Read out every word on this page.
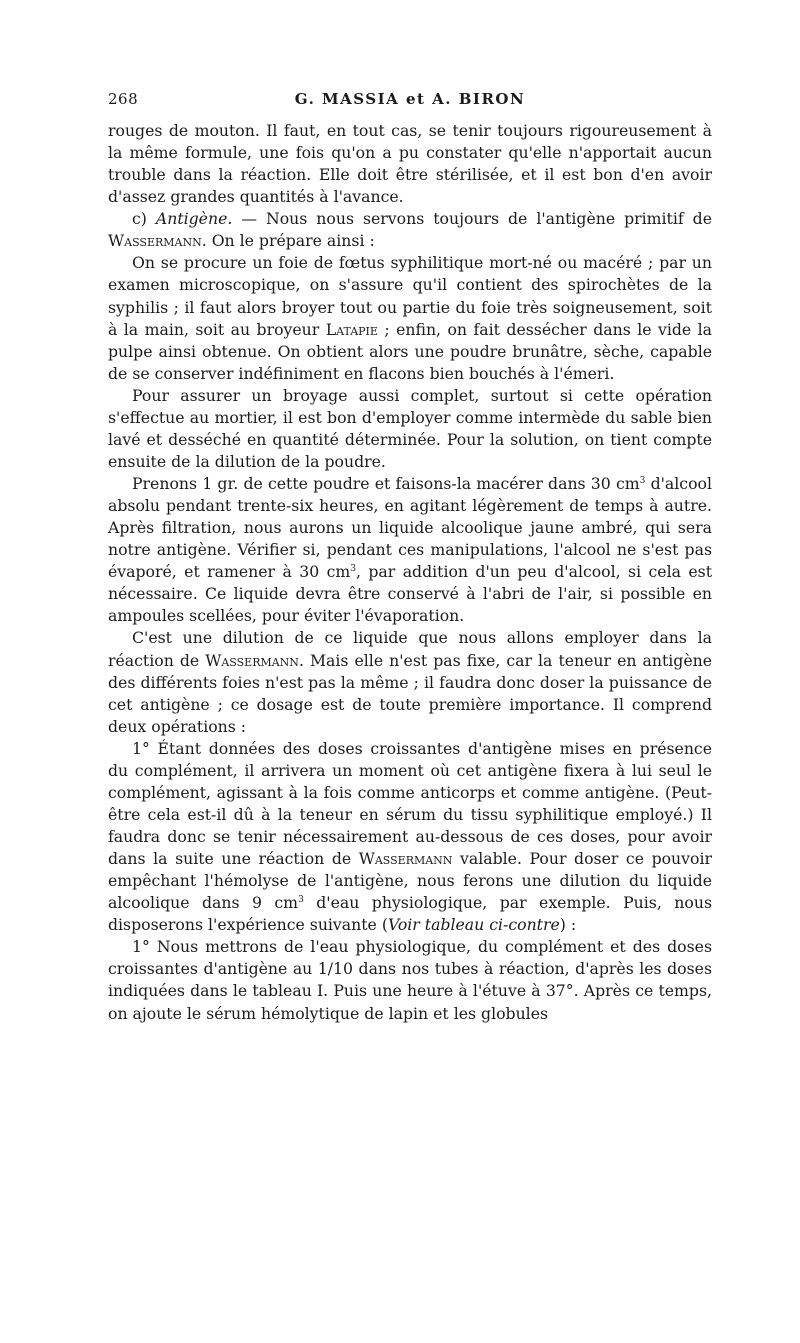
268	G. MASSIA et A. BIRON

rouges de mouton. Il faut, en tout cas, se tenir toujours rigoureusement à la même formule, une fois qu'on a pu constater qu'elle n'apportait aucun trouble dans la réaction. Elle doit être stérilisée, et il est bon d'en avoir d'assez grandes quantités à l'avance.

c) Antigène. — Nous nous servons toujours de l'antigène primitif de Wassermann. On le prépare ainsi :

On se procure un foie de fœtus syphilitique mort-né ou macéré ; par un examen microscopique, on s'assure qu'il contient des spirochètes de la syphilis ; il faut alors broyer tout ou partie du foie très soigneusement, soit à la main, soit au broyeur Latapie ; enfin, on fait dessécher dans le vide la pulpe ainsi obtenue. On obtient alors une poudre brunâtre, sèche, capable de se conserver indéfiniment en flacons bien bouchés à l'émeri.

Pour assurer un broyage aussi complet, surtout si cette opération s'effectue au mortier, il est bon d'employer comme intermède du sable bien lavé et desséché en quantité déterminée. Pour la solution, on tient compte ensuite de la dilution de la poudre.

Prenons 1 gr. de cette poudre et faisons-la macérer dans 30 $cm^3$ d'alcool absolu pendant trente-six heures, en agitant légèrement de temps à autre. Après filtration, nous aurons un liquide alcoolique jaune ambré, qui sera notre antigène. Vérifier si, pendant ces manipulations, l'alcool ne s'est pas évaporé, et ramener à 30 $cm^3$, par addition d'un peu d'alcool, si cela est nécessaire. Ce liquide devra être conservé à l'abri de l'air, si possible en ampoules scellées, pour éviter l'évaporation.

C'est une dilution de ce liquide que nous allons employer dans la réaction de Wassermann. Mais elle n'est pas fixe, car la teneur en antigène des différents foies n'est pas la même ; il faudra donc doser la puissance de cet antigène ; ce dosage est de toute première importance. Il comprend deux opérations :

1° Étant données des doses croissantes d'antigène mises en présence du complément, il arrivera un moment où cet antigène fixera à lui seul le complément, agissant à la fois comme anticorps et comme antigène. (Peut-être cela est-il dû à la teneur en sérum du tissu syphilitique employé.) Il faudra donc se tenir nécessairement au-dessous de ces doses, pour avoir dans la suite une réaction de Wassermann valable. Pour doser ce pouvoir empêchant l'hémolyse de l'antigène, nous ferons une dilution du liquide alcoolique dans 9 $cm^3$ d'eau physiologique, par exemple. Puis, nous disposerons l'expérience suivante (Voir tableau ci-contre) :

1° Nous mettrons de l'eau physiologique, du complément et des doses croissantes d'antigène au 1/10 dans nos tubes à réaction, d'après les doses indiquées dans le tableau I. Puis une heure à l'étuve à 37°. Après ce temps, on ajoute le sérum hémolytique de lapin et les globules
